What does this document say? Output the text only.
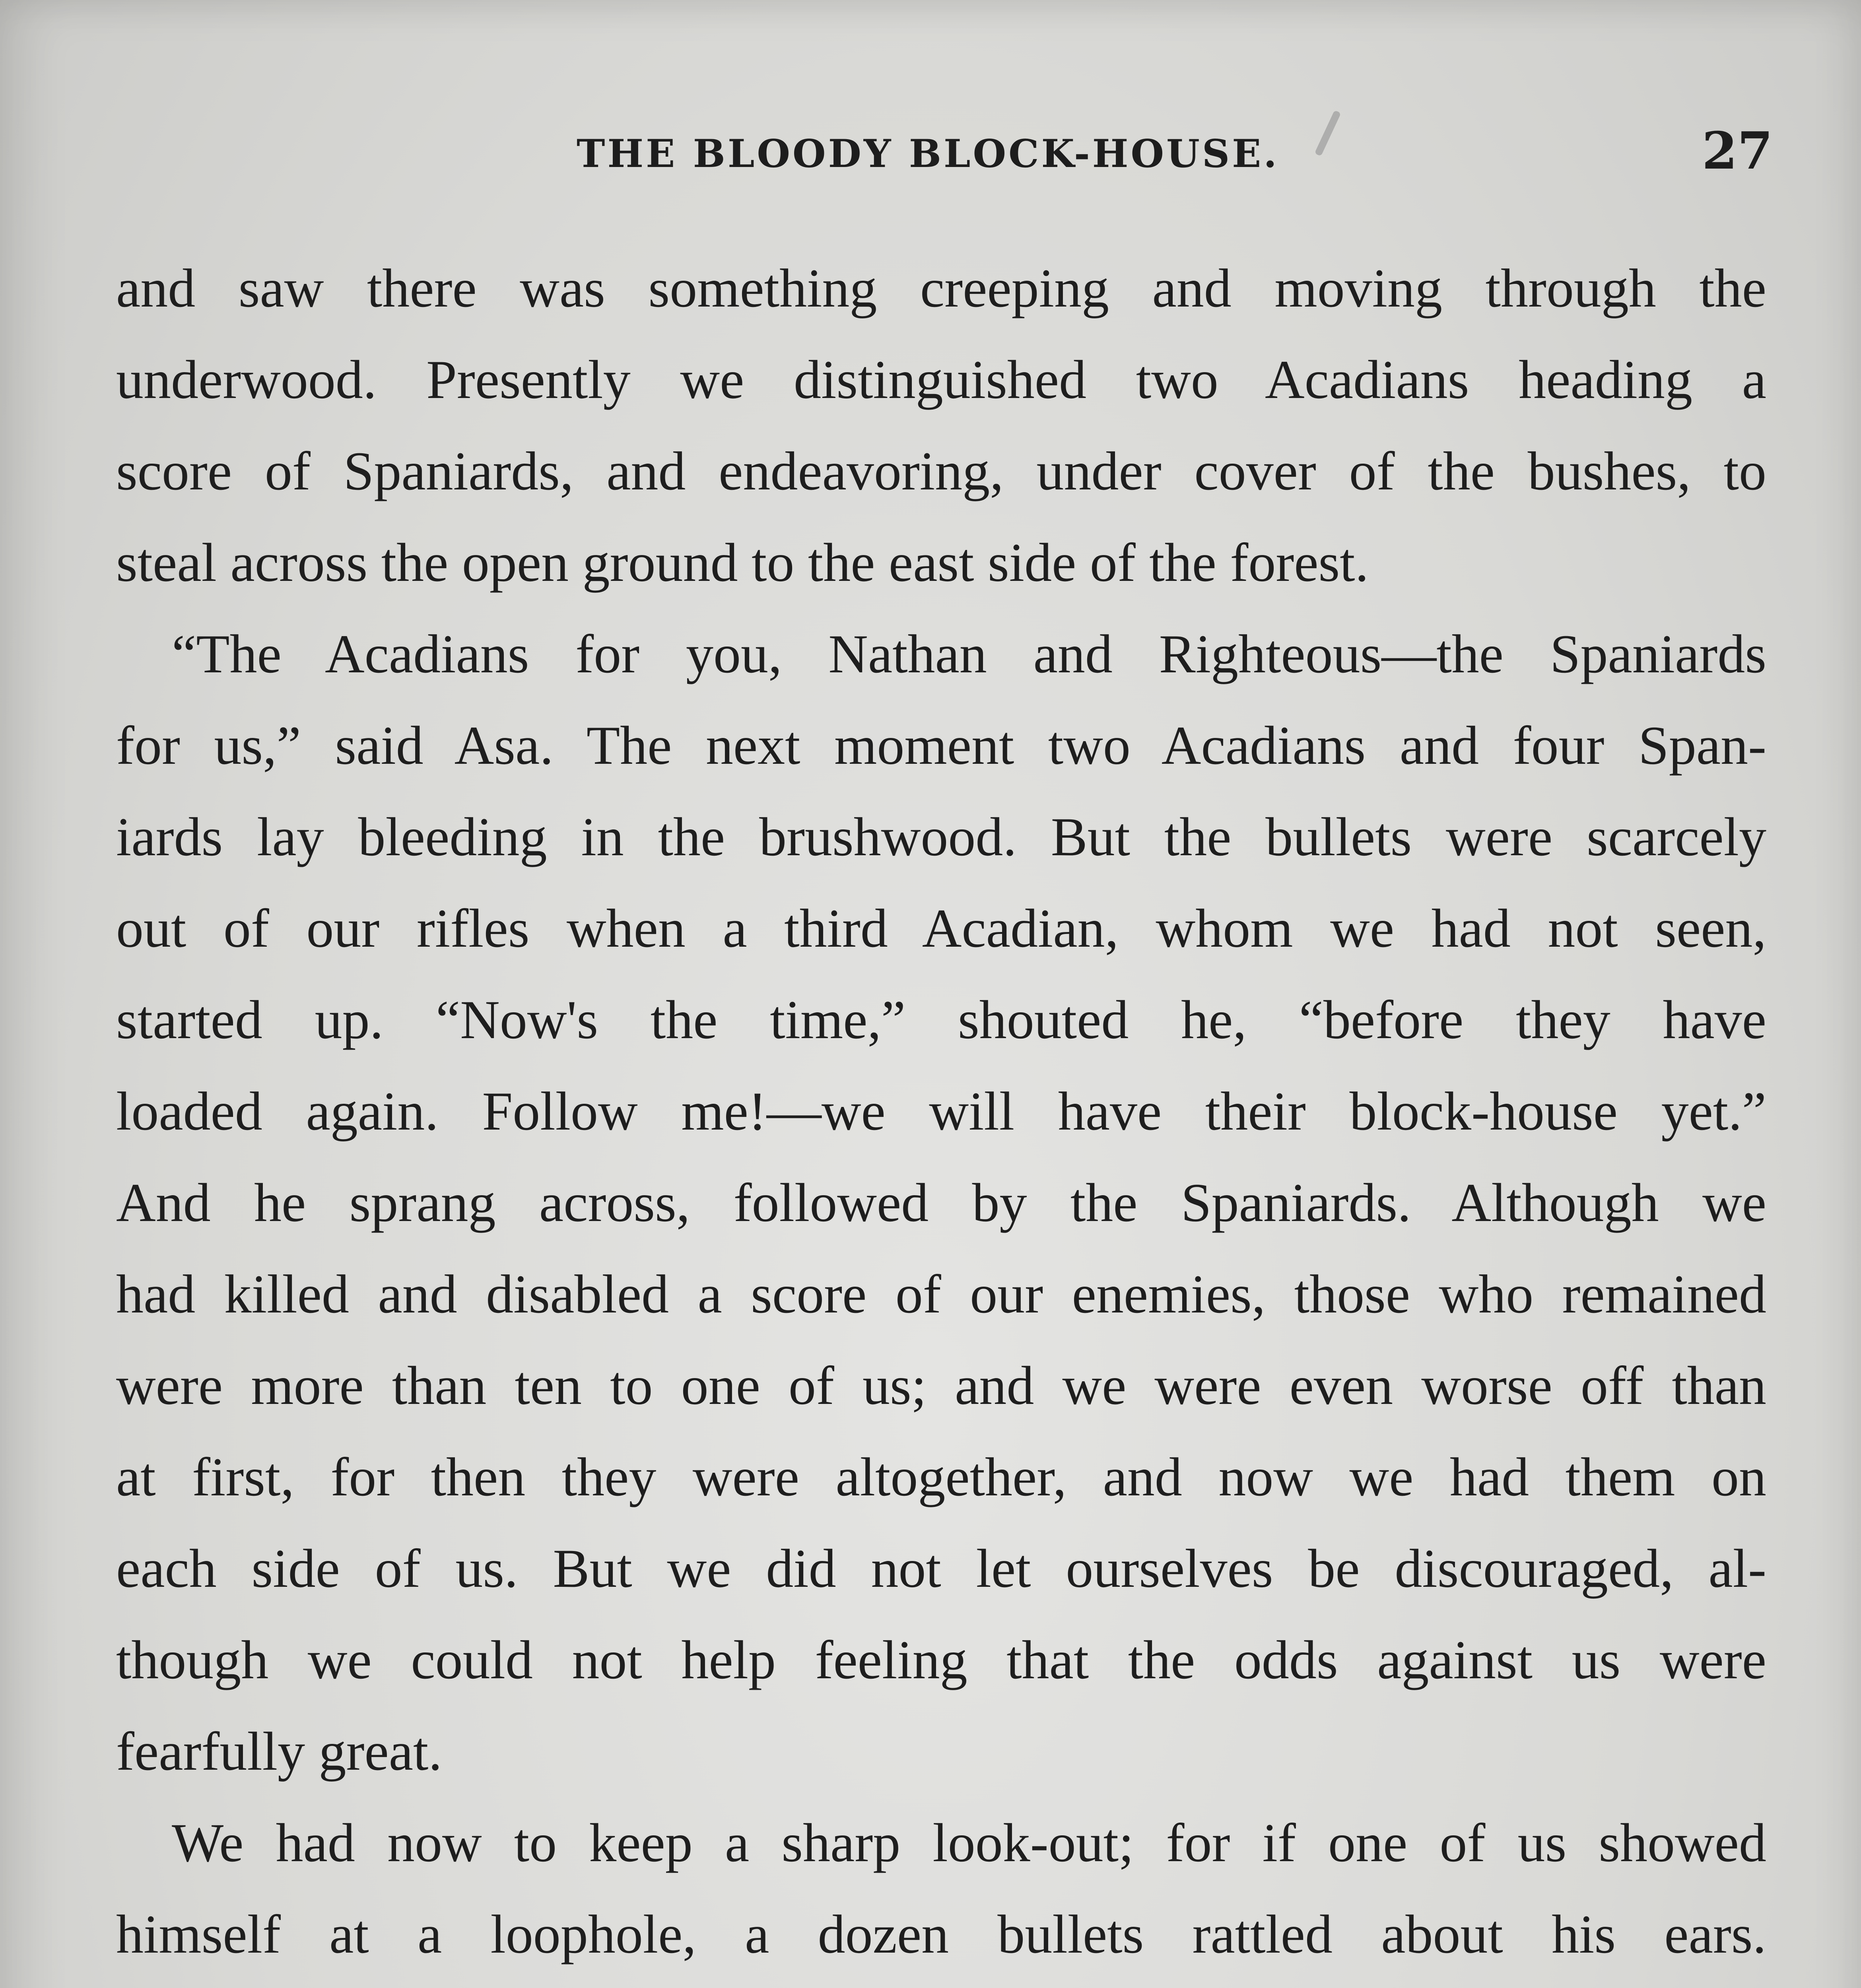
THE BLOODY BLOCK-HOUSE.	27
and saw there was something creeping and moving through the
underwood. Presently we distinguished two Acadians heading a
score of Spaniards, and endeavoring, under cover of the bushes, to
steal across the open ground to the east side of the forest.
“The Acadians for you, Nathan and Righteous—the Spaniards
for us,” said Asa. The next moment two Acadians and four Span-
iards lay bleeding in the brushwood. But the bullets were scarcely
out of our rifles when a third Acadian, whom we had not seen,
started up. “Now's the time,” shouted he, “before they have
loaded again. Follow me!—we will have their block-house yet.”
And he sprang across, followed by the Spaniards. Although we
had killed and disabled a score of our enemies, those who remained
were more than ten to one of us; and we were even worse off than
at first, for then they were altogether, and now we had them on
each side of us. But we did not let ourselves be discouraged, al-
though we could not help feeling that the odds against us were
fearfully great.
We had now to keep a sharp look-out; for if one of us showed
himself at a loophole, a dozen bullets rattled about his ears.
